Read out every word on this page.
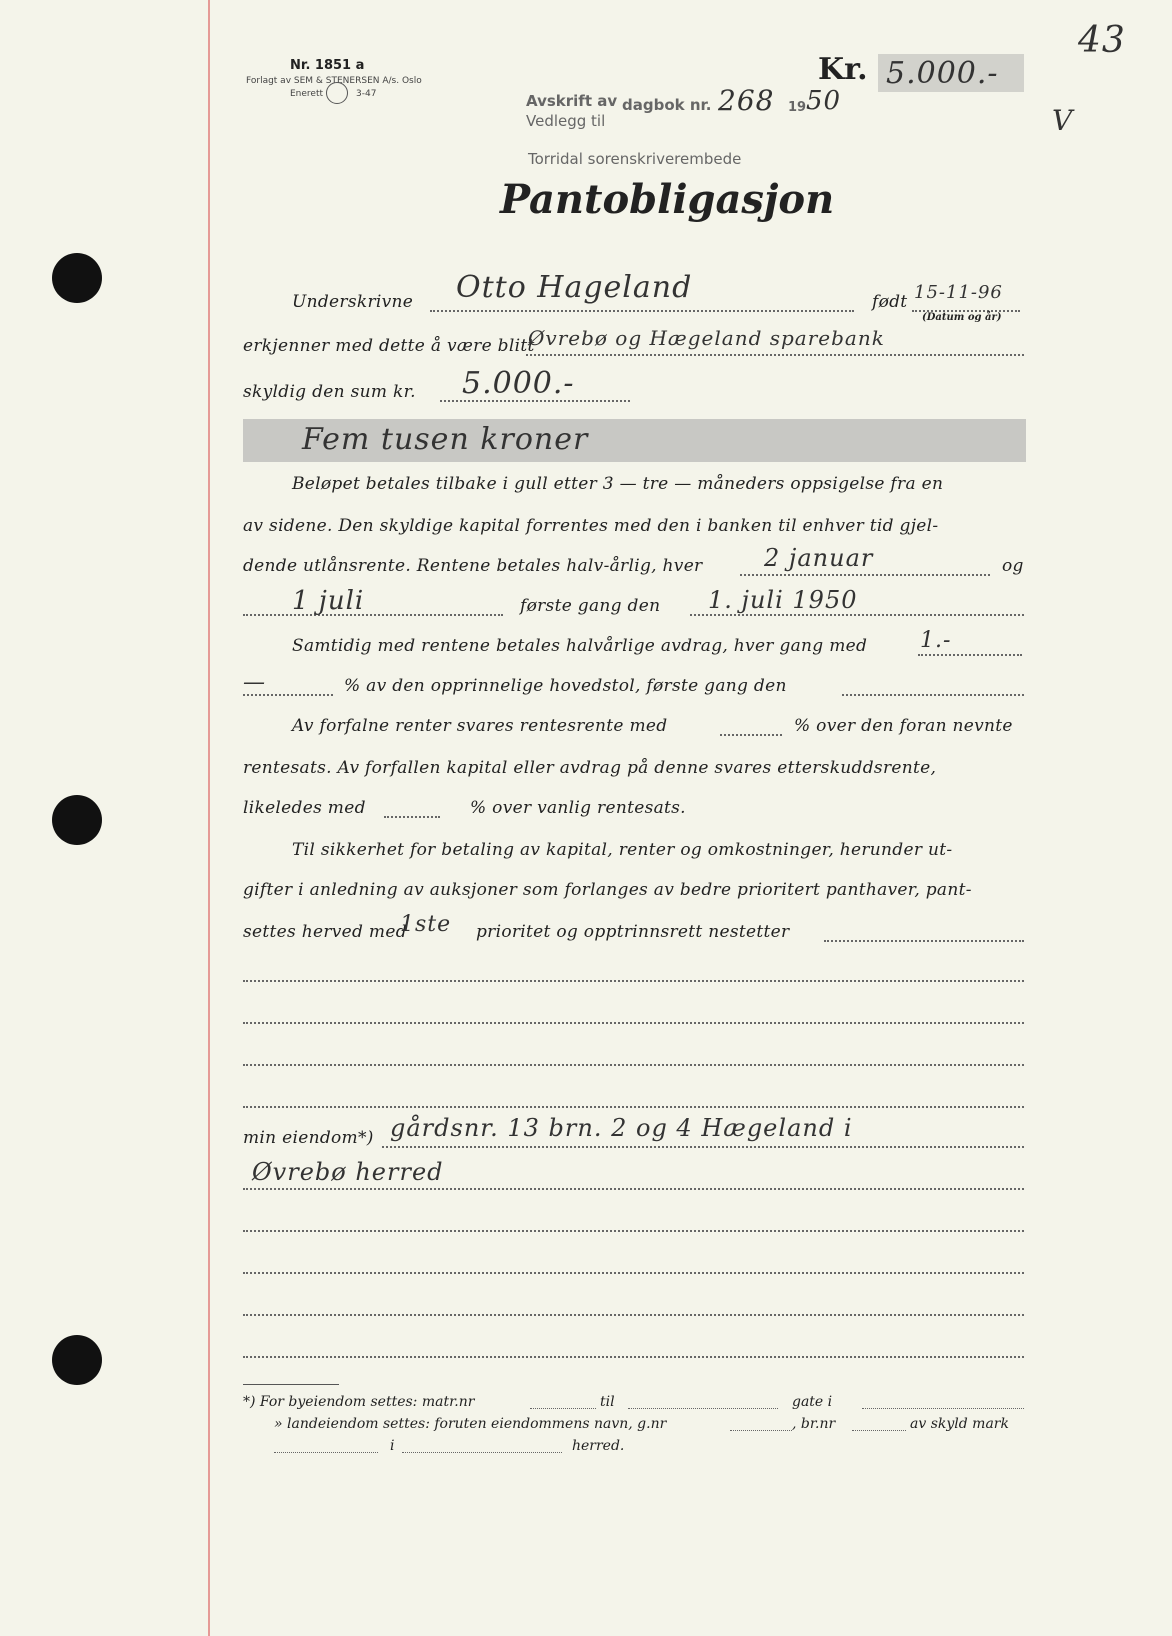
Nr. 1851 a
Forlagt av SEM & STENERSEN A/s. Oslo
Enerett	3-47
Kr. 5.000.-
43
V
Avskrift av dagbok nr. 268 19 50
Vedlegg til
Torridal sorenskriverembede
Pantobligasjon
Underskrivne Otto Hageland	født 15-11-96
(Datum og år)
erkjenner med dette å være blitt
Øvrebø og Hægeland sparebank
skyldig den sum kr. 5.000.-
Fem tusen kroner
Beløpet betales tilbake i gull etter 3 — tre — måneders oppsigelse fra en
av sidene. Den skyldige kapital forrentes med den i banken til enhver tid gjel-
dende utlånsrente. Rentene betales halv-årlig, hver	2 januar	og
1 juli	første gang den 1. juli 1950
Samtidig med rentene betales halvårlige avdrag, hver gang med 1.-
—	% av den opprinnelige hovedstol, første gang den
Av forfalne renter svares rentesrente med	% over den foran nevnte
rentesats. Av forfallen kapital eller avdrag på denne svares etterskuddsrente,
likeledes med	% over vanlig rentesats.
Til sikkerhet for betaling av kapital, renter og omkostninger, herunder ut-
gifter i anledning av auksjoner som forlanges av bedre prioritert panthaver, pant-
settes herved med
1ste prioritet og opptrinnsrett nestetter
min eiendom*) gårdsnr. 13 brn. 2 og 4 Hægeland i
Øvrebø herred
*) For byeiendom settes: matr.nr	til	gate i
» landeiendom settes: foruten eiendommens navn, g.nr	, br.nr	av skyld mark
i	herred.
